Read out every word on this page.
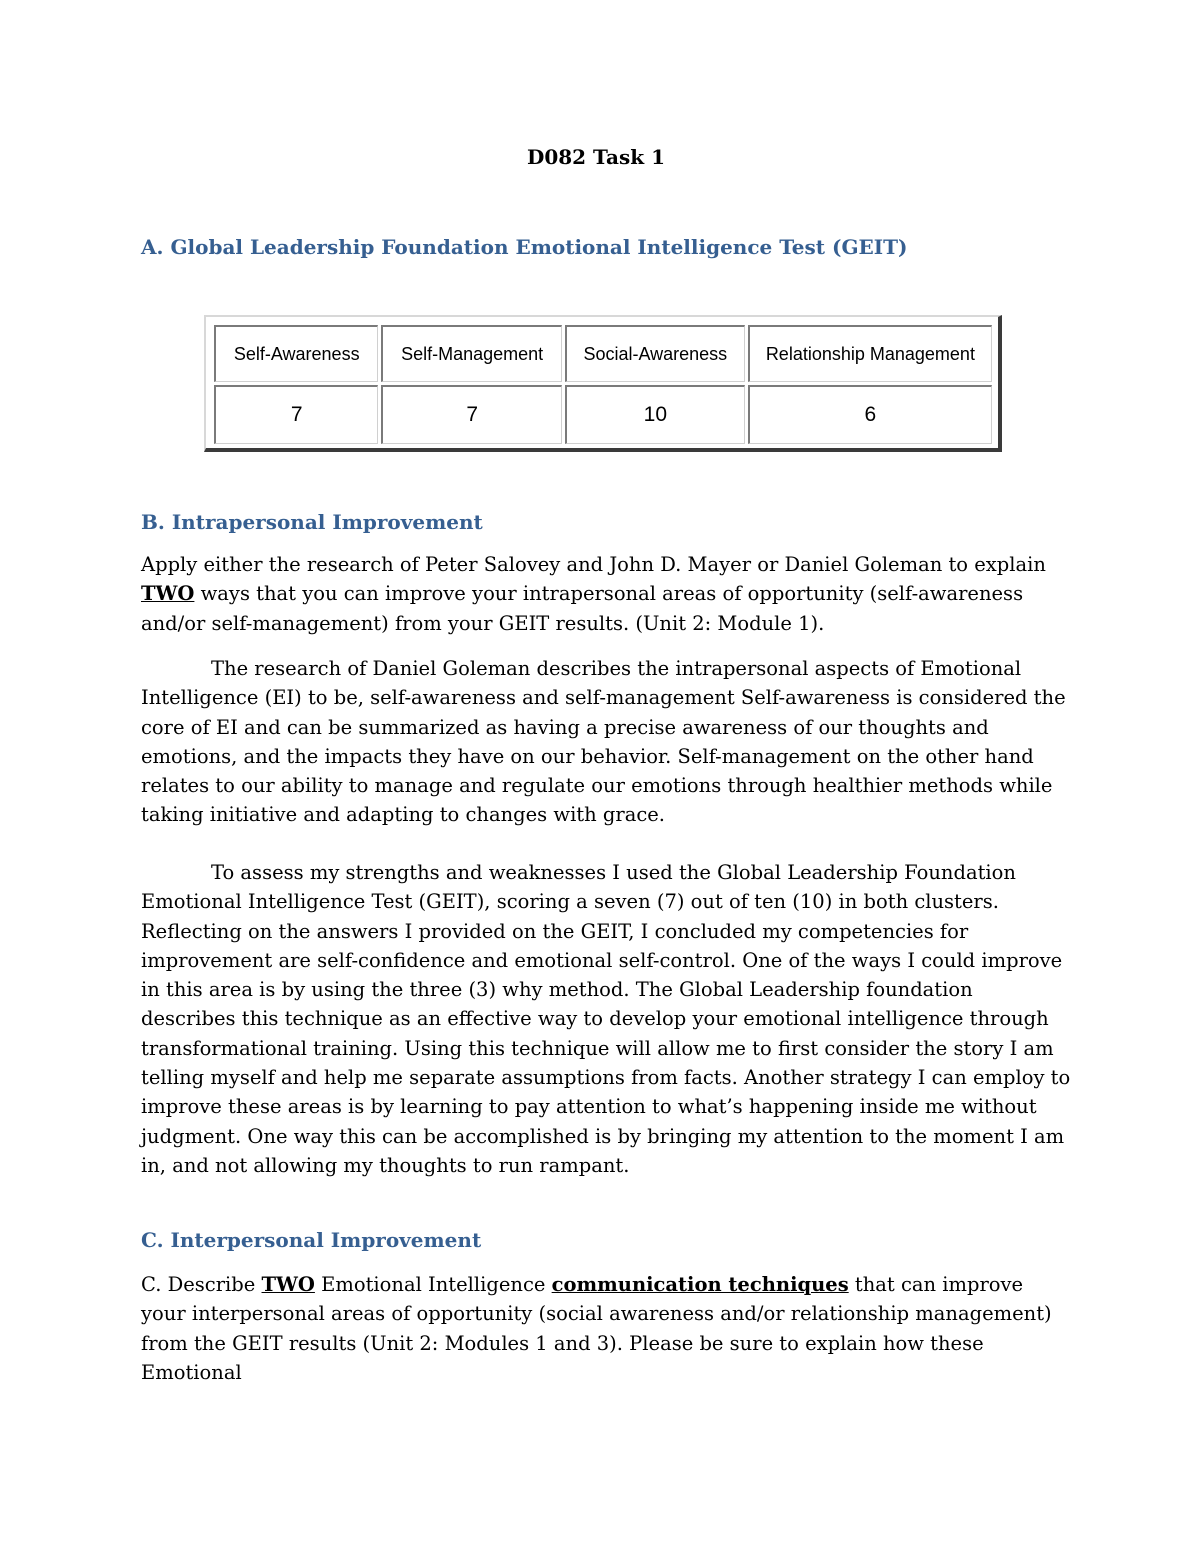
D082 Task 1
A. Global Leadership Foundation Emotional Intelligence Test (GEIT)
Self-Awareness	Self-Management	Social-Awareness	Relationship Management
7	7	10	6
B. Intrapersonal Improvement

Apply either the research of Peter Salovey and John D. Mayer or Daniel Goleman to explain TWO ways that you can improve your intrapersonal areas of opportunity (self-awareness and/or self-management) from your GEIT results. (Unit 2: Module 1).

The research of Daniel Goleman describes the intrapersonal aspects of Emotional Intelligence (EI) to be, self-awareness and self-management Self-awareness is considered the core of EI and can be summarized as having a precise awareness of our thoughts and emotions, and the impacts they have on our behavior. Self-management on the other hand relates to our ability to manage and regulate our emotions through healthier methods while taking initiative and adapting to changes with grace.

To assess my strengths and weaknesses I used the Global Leadership Foundation Emotional Intelligence Test (GEIT), scoring a seven (7) out of ten (10) in both clusters. Reflecting on the answers I provided on the GEIT, I concluded my competencies for improvement are self-confidence and emotional self-control. One of the ways I could improve in this area is by using the three (3) why method. The Global Leadership foundation describes this technique as an effective way to develop your emotional intelligence through transformational training. Using this technique will allow me to first consider the story I am telling myself and help me separate assumptions from facts. Another strategy I can employ to improve these areas is by learning to pay attention to what’s happening inside me without judgment. One way this can be accomplished is by bringing my attention to the moment I am in, and not allowing my thoughts to run rampant.

C. Interpersonal Improvement

C. Describe TWO Emotional Intelligence communication techniques that can improve your interpersonal areas of opportunity (social awareness and/or relationship management) from the GEIT results (Unit 2: Modules 1 and 3). Please be sure to explain how these Emotional
